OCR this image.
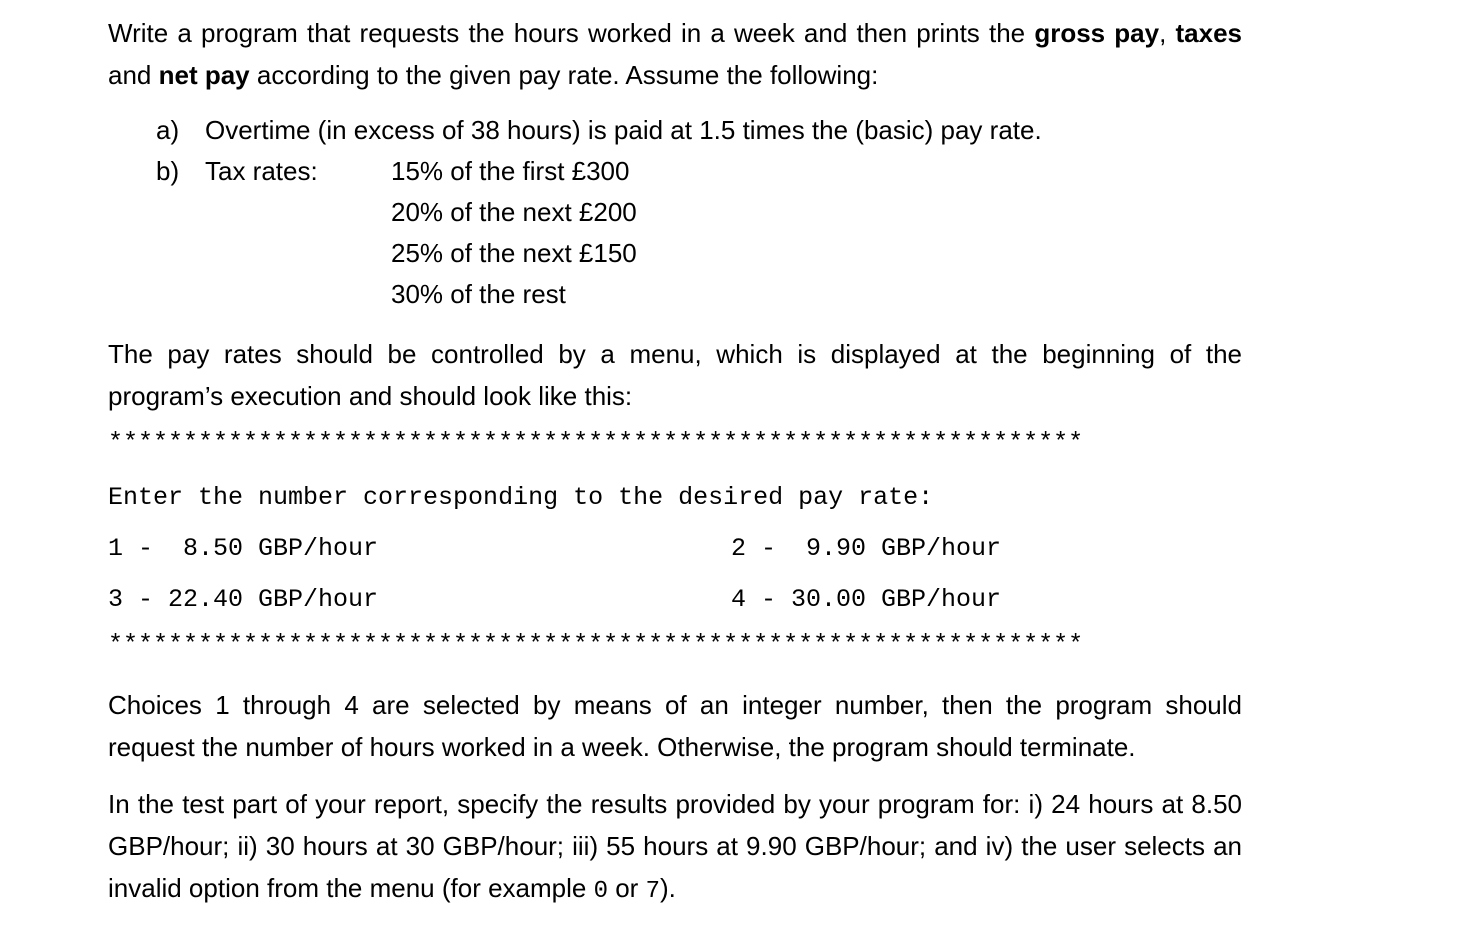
Write a program that requests the hours worked in a week and then prints the gross pay, taxes and net pay according to the given pay rate. Assume the following:

a) Overtime (in excess of 38 hours) is paid at 1.5 times the (basic) pay rate.
b) Tax rates:	15% of the first £300
20% of the next £200
25% of the next £150
30% of the rest

The pay rates should be controlled by a menu, which is displayed at the beginning of the program’s execution and should look like this:

*****************************************************************
Enter the number corresponding to the desired pay rate:
1 -  8.50 GBP/hour	2 -  9.90 GBP/hour
3 - 22.40 GBP/hour	4 - 30.00 GBP/hour
*****************************************************************

Choices 1 through 4 are selected by means of an integer number, then the program should request the number of hours worked in a week. Otherwise, the program should terminate.

In the test part of your report, specify the results provided by your program for: i) 24 hours at 8.50 GBP/hour; ii) 30 hours at 30 GBP/hour; iii) 55 hours at 9.90 GBP/hour; and iv) the user selects an invalid option from the menu (for example 0 or 7).
